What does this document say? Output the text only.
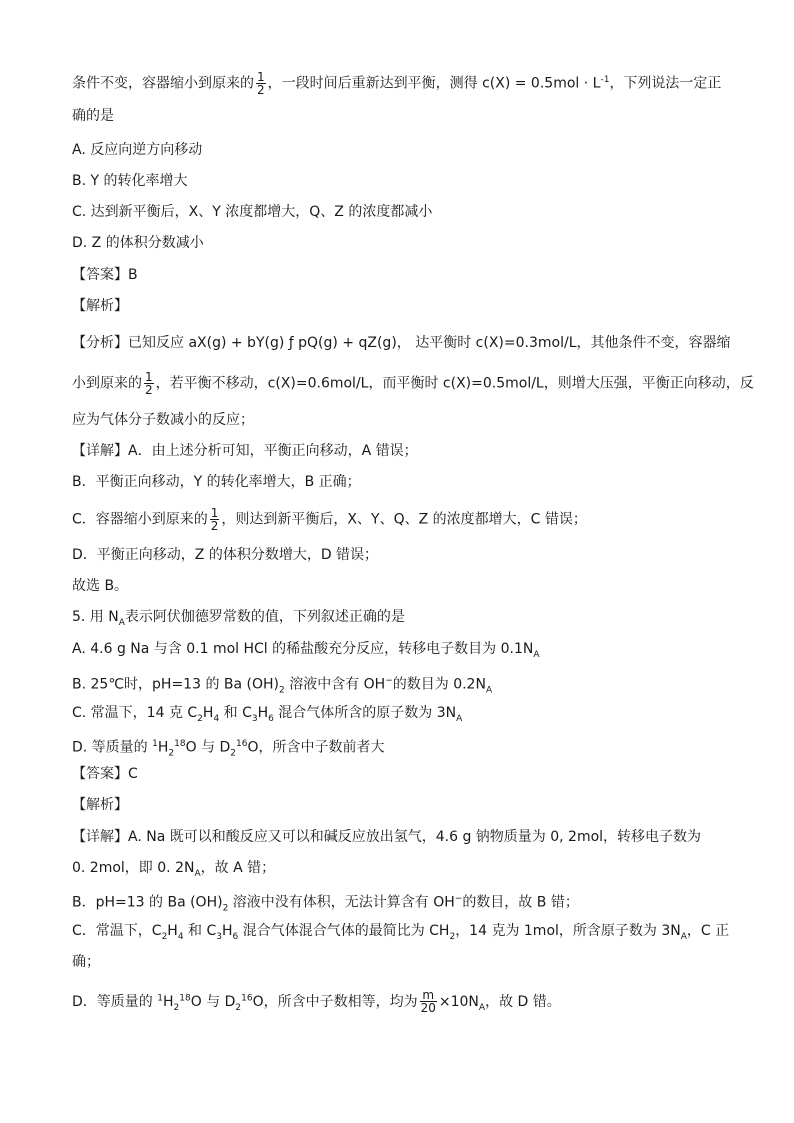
条件不变，容器缩小到原来的 $\frac{1}{2}$ ，一段时间后重新达到平衡，测得 $c(X) = 0.5mol \cdot L^{-1}$，下列说法一定正
确的是
A. 反应向逆方向移动
B. Y 的转化率增大
C. 达到新平衡后，X、Y 浓度都增大，Q、Z 的浓度都减小
D. Z 的体积分数减小
【答案】B
【解析】
【分析】已知反应 aX(g) + bY(g) ƒ pQ(g) + qZ(g)， 达平衡时 c(X)=0.3mol/L，其他条件不变，容器缩
小到原来的 $\frac{1}{2}$ ，若平衡不移动，c(X)=0.6mol/L，而平衡时 c(X)=0.5mol/L，则增大压强，平衡正向移动，反
应为气体分子数减小的反应；
【详解】A．由上述分析可知，平衡正向移动，A 错误；
B．平衡正向移动，Y 的转化率增大，B 正确；
C．容器缩小到原来的 $\frac{1}{2}$ ，则达到新平衡后，X、Y、Q、Z 的浓度都增大，C 错误；
D．平衡正向移动，Z 的体积分数增大，D 错误；
故选 B。
5. 用 $N_A$表示阿伏伽德罗常数的值，下列叙述正确的是
A. 4.6 g Na 与含 0.1 mol HCl 的稀盐酸充分反应，转移电子数目为 $0.1N_A$
B. 25℃时，pH=13 的 Ba $(OH)_2$ 溶液中含有 OH−的数目为 $0.2N_A$
C. 常温下，14 克 $C_2H_4$ 和 $C_3H_6$ 混合气体所含的原子数为 $3N_A$
D. 等质量的 $^1H_2^{18}O$ 与 $D_2^{16}O$，所含中子数前者大
【答案】C
【解析】
【详解】A. Na 既可以和酸反应又可以和碱反应放出氢气，4.6 g 钠物质量为 0, 2mol，转移电子数为
0. 2mol，即 0. $2N_A$，故 A 错；
B．pH=13 的 Ba $(OH)_2$ 溶液中没有体积，无法计算含有 OH−的数目，故 B 错；
C．常温下，$C_2H_4$ 和 $C_3H_6$ 混合气体混合气体的最简比为 $CH_2$，14 克为 1mol，所含原子数为 $3N_A$，C 正
确；
D．等质量的 $^1H_2^{18}O$ 与 $D_2^{16}O$，所含中子数相等，均为 $\frac{m}{20} \times 10N_A$，故 D 错。
